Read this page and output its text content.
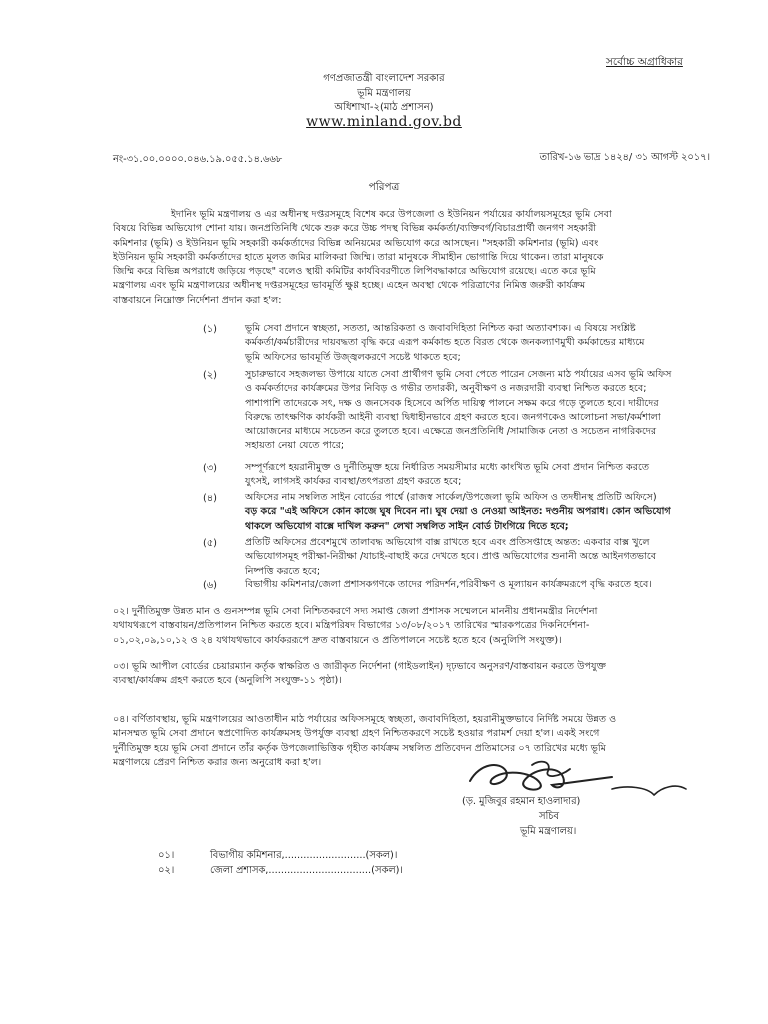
সর্বোচ্চ অগ্রাধিকার
গণপ্রজাতন্ত্রী বাংলাদেশ সরকার
ভূমি মন্ত্রণালয়
অধিশাখা-২(মাঠ প্রশাসন)
www.minland.gov.bd
নং-৩১.০০.০০০০.০৪৬.১৯.০৫৫.১৪.৬৬৮	তারিখ-১৬ ভাদ্র ১৪২৪/ ৩১ আগস্ট ২০১৭।
পরিপত্র
ইদানিং ভূমি মন্ত্রণালয় ও এর অধীনস্থ দপ্তরসমূহে বিশেষ করে উপজেলা ও ইউনিয়ন পর্যায়ের কার্যালয়সমূহের ভূমি সেবা
বিষয়ে বিভিন্ন অভিযোগ শোনা যায়। জনপ্রতিনিধি থেকে শুরু করে উচ্চ পদস্থ বিভিন্ন কর্মকর্তা/ব্যক্তিবর্গ/বিচারপ্রার্থী জনগণ সহকারী
কমিশনার (ভূমি) ও ইউনিয়ন ভূমি সহকারী কর্মকর্তাদের বিভিন্ন অনিয়মের অভিযোগ করে আসছেন। "সহকারী কমিশনার (ভূমি) এবং
ইউনিয়ন ভূমি সহকারী কর্মকর্তাদের হাতে মূলত জমির মালিকরা জিম্মি। তারা মানুষকে সীমাহীন ভোগান্তি দিয়ে থাকেন। তারা মানুষকে
জিম্মি করে বিভিন্ন অপরাধে জড়িয়ে পড়ছে" বলেও স্থায়ী কমিটির কার্যবিবরণীতে লিপিবদ্ধাকারে অভিযোগ রয়েছে। এতে করে ভূমি
মন্ত্রণালয় এবং ভূমি মন্ত্রণালয়ের অধীনস্থ দপ্তরসমূহের ভাবমূর্তি ক্ষুণ্ণ হচ্ছে। এহেন অবস্থা থেকে পরিত্রাণের নিমিত্ত জরুরী কার্যক্রম
বাস্তবায়নে নিম্নোক্ত নির্দেশনা প্রদান করা হ'ল:
(১)	ভূমি সেবা প্রদানে স্বচ্ছতা, সততা, আন্তরিকতা ও জবাবদিহিতা নিশ্চিত করা অত্যাবশ্যক। এ বিষয়ে সংশ্লিষ্ট
কর্মকর্তা/কর্মচারীদের দায়বদ্ধতা বৃদ্ধি করে এরূপ কর্মকান্ড হতে বিরত থেকে জনকল্যাণমুখী কর্মকান্ডের মাধ্যমে
ভূমি অফিসের ভাবমূর্তি উজ্জ্বলকরণে সচেষ্ট থাকতে হবে;
(২)	সুচারুভাবে সহজলভ্য উপায়ে যাতে সেবা প্রার্থীগণ ভূমি সেবা পেতে পারেন সেজন্য মাঠ পর্যায়ের এসব ভূমি অফিস
ও কর্মকর্তাদের কার্যক্রমের উপর নিবিড় ও গভীর তদারকী, অনুবীক্ষণ ও নজরদারী ব্যবস্থা নিশ্চিত করতে হবে;
পাশাপাশি তাদেরকে সৎ, দক্ষ ও জনসেবক হিসেবে অর্পিত দায়িত্ব পালনে সক্ষম করে গড়ে তুলতে হবে। দায়ীদের
বিরুদ্ধে তাৎক্ষণিক কার্যকরী আইনী ব্যবস্থা দ্বিধাহীনভাবে গ্রহণ করতে হবে। জনগণকেও আলোচনা সভা/কর্মশালা
আয়োজনের মাধ্যমে সচেতন করে তুলতে হবে। এক্ষেত্রে জনপ্রতিনিধি /সামাজিক নেতা ও সচেতন নাগরিকদের
সহায়তা নেয়া যেতে পারে;
(৩)	সম্পূর্ণরূপে হয়রানীমুক্ত ও দুর্নীতিমুক্ত হয়ে নির্ধারিত সময়সীমার মধ্যে কাংখিত ভূমি সেবা প্রদান নিশ্চিত করতে
যুৎসই, লাগসই কার্যকর ব্যবস্থা/তৎপরতা গ্রহণ করতে হবে;
(৪)	অফিসের নাম সম্বলিত সাইন বোর্ডের পার্শ্বে (রাজস্ব সার্কেল/উপজেলা ভূমি অফিস ও তদধীনস্থ প্রতিটি অফিসে)
বড় করে "এই অফিসে কোন কাজে ঘুষ দিবেন না। ঘুষ দেয়া ও নেওয়া আইনত: দণ্ডনীয় অপরাধ। কোন অভিযোগ
থাকলে অভিযোগ বাক্সে দাখিল করুন" লেখা সম্বলিত সাইন বোর্ড টাংগিয়ে দিতে হবে;
(৫)	প্রতিটি অফিসের প্রবেশমুখে তালাবদ্ধ অভিযোগ বাক্স রাখতে হবে এবং প্রতিসপ্তাহে অন্তত: একবার বাক্স খুলে
অভিযোগসমূহ পরীক্ষা-নিরীক্ষা /যাচাই-বাছাই করে দেখতে হবে। প্রাপ্ত অভিযোগের শুনানী অন্তে আইনগতভাবে
নিষ্পত্তি করতে হবে;
(৬)	বিভাগীয় কমিশনার/জেলা প্রশাসকগণকে তাদের পরিদর্শন,পরিবীক্ষণ ও মূল্যায়ন কার্যক্রমরূপে বৃদ্ধি করতে হবে।
০২। দুর্নীতিমুক্ত উন্নত মান ও গুনসম্পন্ন ভূমি সেবা নিশ্চিতকরণে সদ্য সমাপ্ত জেলা প্রশাসক সম্মেলনে মাননীয় প্রধানমন্ত্রীর নির্দেশনা
যথাযথরূপে বাস্তবায়ন/প্রতিপালন নিশ্চিত করতে হবে। মন্ত্রিপরিষদ বিভাগের ১৩/০৮/২০১৭ তারিখের স্মারকপত্রের দিকনির্দেশনা-
০১,০২,০৯,১০,১২ ও ২৪ যথাযথভাবে কার্যকররূপে দ্রুত বাস্তবায়নে ও প্রতিপালনে সচেষ্ট হতে হবে (অনুলিপি সংযুক্ত)।
০৩। ভূমি আপীল বোর্ডের চেয়ারম্যান কর্তৃক স্বাক্ষরিত ও জারীকৃত নির্দেশনা (গাইডলাইন) দৃঢ়ভাবে অনুসরণ/বাস্তবায়ন করতে উপযুক্ত
ব্যবস্থা/কার্যক্রম গ্রহণ করতে হবে (অনুলিপি সংযুক্ত-১১ পৃষ্ঠা)।
০৪। বর্ণিতাবস্থায়, ভূমি মন্ত্রণালয়ের আওতাধীন মাঠ পর্যায়ের অফিসসমূহে স্বচ্ছতা, জবাবদিহিতা, হয়রানীমুক্তভাবে নির্দিষ্ট সময়ে উন্নত ও
মানসম্মত ভূমি সেবা প্রদানে স্বপ্রণোদিত কার্যক্রমসহ উপর্যুক্ত ব্যবস্থা গ্রহণ নিশ্চিতকরণে সচেষ্ট হওয়ার পরামর্শ দেয়া হ'ল। একই সংগে
দুর্নীতিমুক্ত হয়ে ভূমি সেবা প্রদানে তাঁর কর্তৃক উপজেলাভিত্তিক গৃহীত কার্যক্রম সম্বলিত প্রতিবেদন প্রতিমাসের ০৭ তারিখের মধ্যে ভূমি
মন্ত্রণালয়ে প্রেরণ নিশ্চিত করার জন্য অনুরোধ করা হ'ল।
(ড়. মুজিবুর রহমান হাওলাদার)
সচিব
ভূমি মন্ত্রণালয়।
০১।	বিভাগীয় কমিশনার,..........................(সকল)।
০২।	জেলা প্রশাসক,.................................(সকল)।
